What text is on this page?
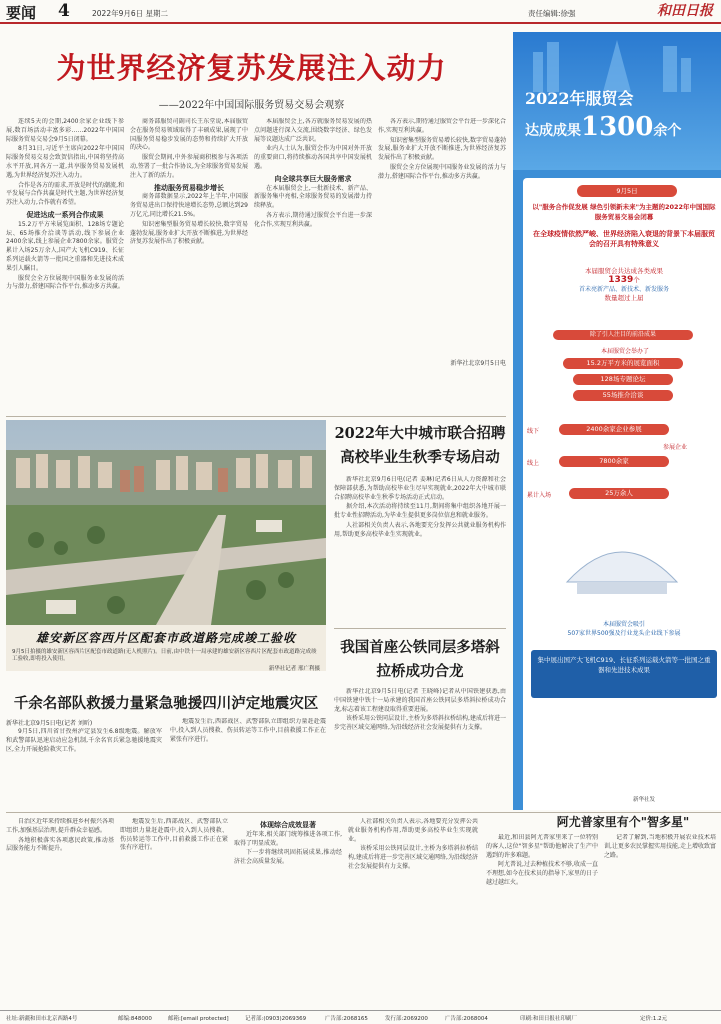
要闻 4	2022年9月6日 星期二	责任编辑:徐强	和田日报
为世界经济复苏发展注入动力
——2022年中国国际服务贸易交易会观察

连续5天的会期,2400余家企业线下参展,数百场活动丰富多彩……2022年中国国际服务贸易交易会9月5日闭幕。

8月31日,习近平主席向2022年中国国际服务贸易交易会致贺信指出,中国将坚持高水平开放,同各方一道,共享服务贸易发展机遇,为世界经济复苏注入动力。

合作是各方的需求,开放是时代的潮流,和平发展与合作共赢是时代主题,为世界经济复苏注入动力,合作就有希望。

促进达成一系列合作成果

15.2万平方米展览面积、128场专题论坛、65场推介洽谈等活动,线下参展企业2400余家,线上参展企业7800余家。服贸会累计入场25万余人,国产大飞机C919、长征系列运载火箭等一批国之重器和先进技术成果引人瞩目。

服贸会全方位展现中国服务业发展的活力与潜力,搭建国际合作平台,推动多方共赢。

商务部服贸司副司长王东堂说,本届服贸会在服务贸易领域取得了丰硕成果,展现了中国服务贸易稳步发展的态势和持续扩大开放的决心。

服贸会期间,中外参展商积极参与各项活动,签署了一批合作协议,为全球服务贸易发展注入了新的活力。

推动服务贸易稳步增长

商务部数据显示,2022年上半年,中国服务贸易进出口保持快速增长态势,总额达到29万亿元,同比增长21.5%。

知识密集型服务贸易增长较快,数字贸易蓬勃发展,服务业扩大开放不断推进,为世界经济复苏发展作出了积极贡献。

本届服贸会上,各方就服务贸易发展的热点问题进行深入交流,围绕数字经济、绿色发展等议题达成广泛共识。

业内人士认为,服贸会作为中国对外开放的重要窗口,将持续推动各国共享中国发展机遇。

向全球共享巨大服务需求

在本届服贸会上,一批新技术、新产品、新服务集中亮相,全球服务贸易的发展潜力持续释放。

各方表示,期待通过服贸会平台进一步深化合作,实现互利共赢。

各方表示,期待通过服贸会平台进一步深化合作,实现互利共赢。

知识密集型服务贸易增长较快,数字贸易蓬勃发展,服务业扩大开放不断推进,为世界经济复苏发展作出了积极贡献。

服贸会全方位展现中国服务业发展的活力与潜力,搭建国际合作平台,推动多方共赢。

新华社北京9月5日电
雄安新区容西片区配套市政道路完成竣工验收
9月5日拍摄的雄安新区容西片区配套市政道路(无人机照片)。日前,由中铁十一局承建的雄安新区容西片区配套市政道路完成竣工验收,即将投入使用。
新华社记者 邢广利摄
2022年大中城市联合招聘高校毕业生秋季专场启动

新华社北京9月6日电(记者 姜琳)记者6日从人力资源和社会保障部获悉,为帮助高校毕业生尽早实现就业,2022年大中城市联合招聘高校毕业生秋季专场活动正式启动。

据介绍,本次活动将持续至11月,期间将集中组织各地开展一批专业性招聘活动,为毕业生提供更多岗位信息和就业服务。

人社部相关负责人表示,各地要充分发挥公共就业服务机构作用,帮助更多高校毕业生实现就业。

我国首座公铁同层多塔斜拉桥成功合龙

新华社北京9月5日电(记者 王晓峰)记者从中国铁建获悉,由中国铁建中铁十一局承建的我国首座公铁同层多塔斜拉桥成功合龙,标志着该工程建设取得重要进展。

该桥采用公铁同层设计,主桥为多塔斜拉桥结构,建成后将进一步完善区域交通网络,为沿线经济社会发展提供有力支撑。

千余名部队救援力量紧急驰援四川泸定地震灾区
新华社北京9月5日电(记者 刘昕)

9月5日,四川省甘孜州泸定县发生6.8级地震。解放军和武警部队迅速启动应急机制,千余名官兵紧急驰援地震灾区,全力开展抢险救灾工作。

地震发生后,西部战区、武警部队立即组织力量赶赴震中,投入到人员搜救、伤员转运等工作中,目前救援工作正在紧张有序进行。

2022年服贸会
达成成果1300余个
9月5日
以"服务合作促发展 绿色引领新未来"为主题的2022年中国国际服务贸易交易会闭幕
在全球疫情依然严峻、世界经济陷入衰退的背景下本届服贸会的召开具有特殊意义
本届服贸会共达成各类成果
1339个
首未亮新产品、新技术、新发服务
数量超过上届
除了引人注目的前沿成果
本届服贸会举办了
15.2万平方米的展览面积
128场专题论坛
55场推介洽谈
线下	2400余家企业参展
参展企业
线上	7800余家
累计入场	25万余人
本届服贸会吸引
507家世界500强及行业龙头企业线下参展
集中展出国产大飞机C919、长征系列运载火箭等一批国之重器和先进技术成果
阿联酋、瑞士等10个国家首次以国家名义设展,以国家或国际组织名义设展的企业数量比上届增加13个,整体国际化率达到20.8%
新华社发

自治区近年来持续推进乡村振兴各项工作,加强基层治理,提升群众幸福感。

各地积极落实各项惠民政策,推动基层服务能力不断提升。

地震发生后,西部战区、武警部队立即组织力量赶赴震中,投入到人员搜救、伤员转运等工作中,目前救援工作正在紧张有序进行。

体现综合成效显著

近年来,相关部门统筹推进各项工作,取得了明显成效。

下一步将继续巩固拓展成果,推动经济社会高质量发展。

人社部相关负责人表示,各地要充分发挥公共就业服务机构作用,帮助更多高校毕业生实现就业。

该桥采用公铁同层设计,主桥为多塔斜拉桥结构,建成后将进一步完善区域交通网络,为沿线经济社会发展提供有力支撑。

阿尤普家里有个"智多星"

最近,和田县阿尤普家里来了一位特别的客人,这位"智多星"帮助他解决了生产中遇到的许多难题。

阿尤普说,过去种植技术不够,收成一直不理想,如今在技术员的指导下,家里的日子越过越红火。

记者了解到,当地积极开展农业技术培训,让更多农民掌握实用技能,走上增收致富之路。

社址:新疆和田市北京西路4号	邮编:848000	邮箱:[email protected]	记者部:(0903)2069369	广告部:2068165	发行部:2069200	广告部:2068004	印刷:和田日报社印刷厂	定价:1.2元
